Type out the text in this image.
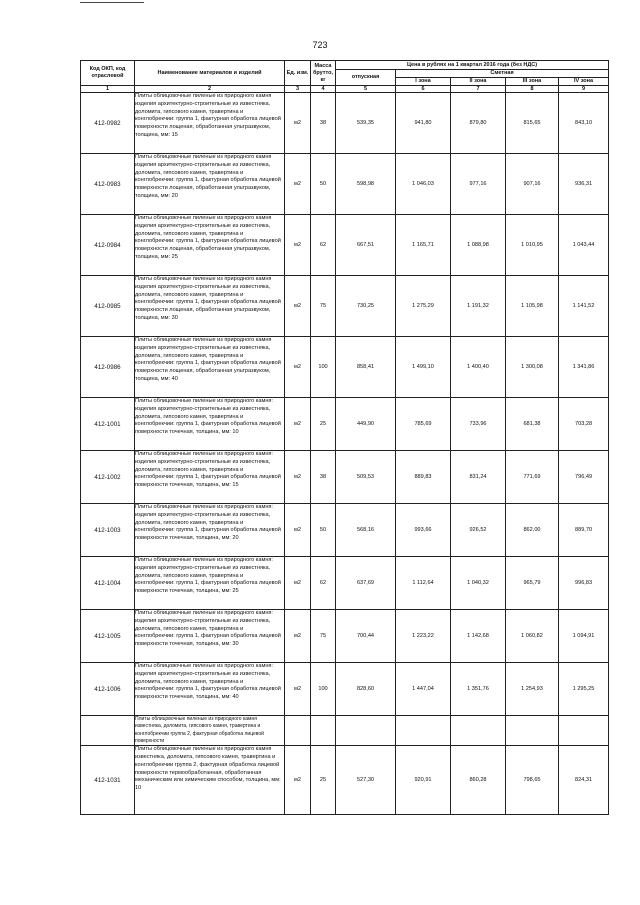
723
Код ОКП, код отраслевой	Наименование материалов и изделий	Ед. изм.	Масса брутто, кг	Цена в рублях на 1 квартал 2016 года (без НДС)				
				отпускная	Сметная			
					I зона	II зона	III зона	IV зона
1	2	3	4	5	6	7	8	9
412-0982	Плиты облицовочные пиленые из природного камня изделия архитектурно-строительные из известняка, доломита, гипсового камня, травертина и конглобрекчии: группа 1, фактурная обработка лицевой поверхности лощеная, обработанная ультразвуком, толщина, мм: 15	м2	38	539,35	941,80	879,80	815,65	843,10
412-0983	Плиты облицовочные пиленые из природного камня изделия архитектурно-строительные из известняка, доломита, гипсового камня, травертина и конглобрекчии: группа 1, фактурная обработка лицевой поверхности лощеная, обработанная ультразвуком, толщина, мм: 20	м2	50	598,98	1 046,03	977,16	907,16	936,31
412-0984	Плиты облицовочные пиленые из природного камня изделия архитектурно-строительные из известняка, доломита, гипсового камня, травертина и конглобрекчии: группа 1, фактурная обработка лицевой поверхности лощеная, обработанная ультразвуком, толщина, мм: 25	м2	62	667,51	1 165,71	1 088,98	1 010,95	1 043,44
412-0985	Плиты облицовочные пиленые из природного камня изделия архитектурно-строительные из известняка, доломита, гипсового камня, травертина и конглобрекчии: группа 1, фактурная обработка лицевой поверхности лощеная, обработанная ультразвуком, толщина, мм: 30	м2	75	730,25	1 275,29	1 191,32	1 105,98	1 141,52
412-0986	Плиты облицовочные пиленые из природного камня изделия архитектурно-строительные из известняка, доломита, гипсового камня, травертина и конглобрекчии: группа 1, фактурная обработка лицевой поверхности лощеная, обработанная ультразвуком, толщина, мм: 40	м2	100	858,41	1 499,10	1 400,40	1 300,08	1 341,86
412-1001	Плиты облицовочные пиленые из природного камня: изделия архитектурно-строительные из известняка, доломита, гипсового камня, травертина и конглобрекчии: группа 1, фактурная обработка лицевой поверхности точечная, толщина, мм: 10	м2	25	449,90	785,69	733,96	681,38	703,28
412-1002	Плиты облицовочные пиленые из природного камня: изделия архитектурно-строительные из известняка, доломита, гипсового камня, травертина и конглобрекчии: группа 1, фактурная обработка лицевой поверхности точечная, толщина, мм: 15	м2	38	509,53	889,83	831,24	771,69	796,49
412-1003	Плиты облицовочные пиленые из природного камня: изделия архитектурно-строительные из известняка, доломита, гипсового камня, травертина и конглобрекчии: группа 1, фактурная обработка лицевой поверхности точечная, толщина, мм: 20	м2	50	568,16	993,66	926,52	862,00	889,70
412-1004	Плиты облицовочные пиленые из природного камня: изделия архитектурно-строительные из известняка, доломита, гипсового камня, травертина и конглобрекчии: группа 1, фактурная обработка лицевой поверхности точечная, толщина, мм: 25	м2	62	637,69	1 112,64	1 040,32	965,79	996,83
412-1005	Плиты облицовочные пиленые из природного камня: изделия архитектурно-строительные из известняка, доломита, гипсового камня, травертина и конглобрекчии: группа 1, фактурная обработка лицевой поверхности точечная, толщина, мм: 30	м2	75	700,44	1 223,22	1 142,68	1 060,82	1 094,91
412-1006	Плиты облицовочные пиленые из природного камня: изделия архитектурно-строительные из известняка, доломита, гипсового камня, травертина и конглобрекчии: группа 1, фактурная обработка лицевой поверхности точечная, толщина, мм: 40	м2	100	828,60	1 447,04	1 351,76	1 254,93	1 295,25
	Плиты облицовочные пиленые из природного камня известняка, доломита, гипсового камня, травертина и конглобрекчии группа 2, фактурная обработка лицевой поверхности							
412-1031	Плиты облицовочные пиленые из природного камня известняка, доломита, гипсового камня, травертина и конглобрекчии группа 2, фактурная обработка лицевой поверхности термообработанная, обработанная механическим или химическим способом, толщина, мм: 10	м2	25	527,30	920,91	860,28	798,65	824,31
